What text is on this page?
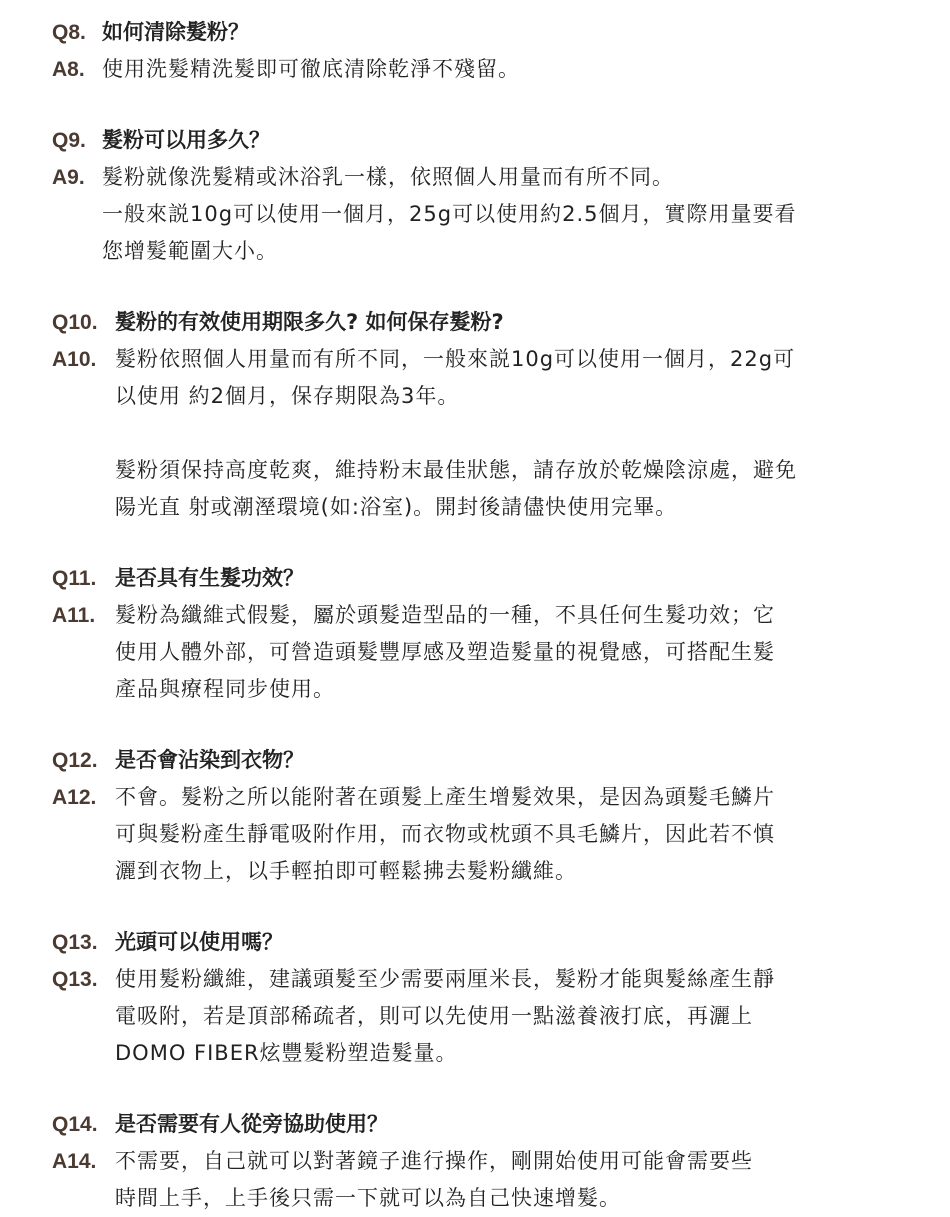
Q8. 如何清除髮粉？
A8. 使用洗髮精洗髮即可徹底清除乾淨不殘留。
Q9. 髮粉可以用多久？
A9. 髮粉就像洗髮精或沐浴乳一樣，依照個人用量而有所不同。
一般來説10g可以使用一個月，25g可以使用約2.5個月，實際用量要看
您增髮範圍大小。
Q10. 髮粉的有效使用期限多久? 如何保存髮粉?
A10. 髮粉依照個人用量而有所不同，一般來説10g可以使用一個月，22g可
以使用 約2個月，保存期限為3年。
髮粉須保持高度乾爽，維持粉末最佳狀態，請存放於乾燥陰涼處，避免
陽光直 射或潮溼環境(如:浴室)。開封後請儘快使用完畢。
Q11. 是否具有生髮功效？
A11. 髮粉為纖維式假髮，屬於頭髮造型品的一種，不具任何生髮功效；它
使用人體外部，可營造頭髮豐厚感及塑造髮量的視覺感，可搭配生髮
產品與療程同步使用。
Q12. 是否會沾染到衣物？
A12. 不會。髮粉之所以能附著在頭髮上產生增髮效果，是因為頭髮毛鱗片
可與髮粉產生靜電吸附作用，而衣物或枕頭不具毛鱗片，因此若不慎
灑到衣物上，以手輕拍即可輕鬆拂去髮粉纖維。
Q13. 光頭可以使用嗎？
Q13. 使用髮粉纖維，建議頭髮至少需要兩厘米長，髮粉才能與髮絲產生靜
電吸附，若是頂部稀疏者，則可以先使用一點滋養液打底，再灑上
DOMO FIBER炫豐髮粉塑造髮量。
Q14. 是否需要有人從旁協助使用？
A14. 不需要，自己就可以對著鏡子進行操作，剛開始使用可能會需要些
時間上手，上手後只需一下就可以為自己快速增髮。
